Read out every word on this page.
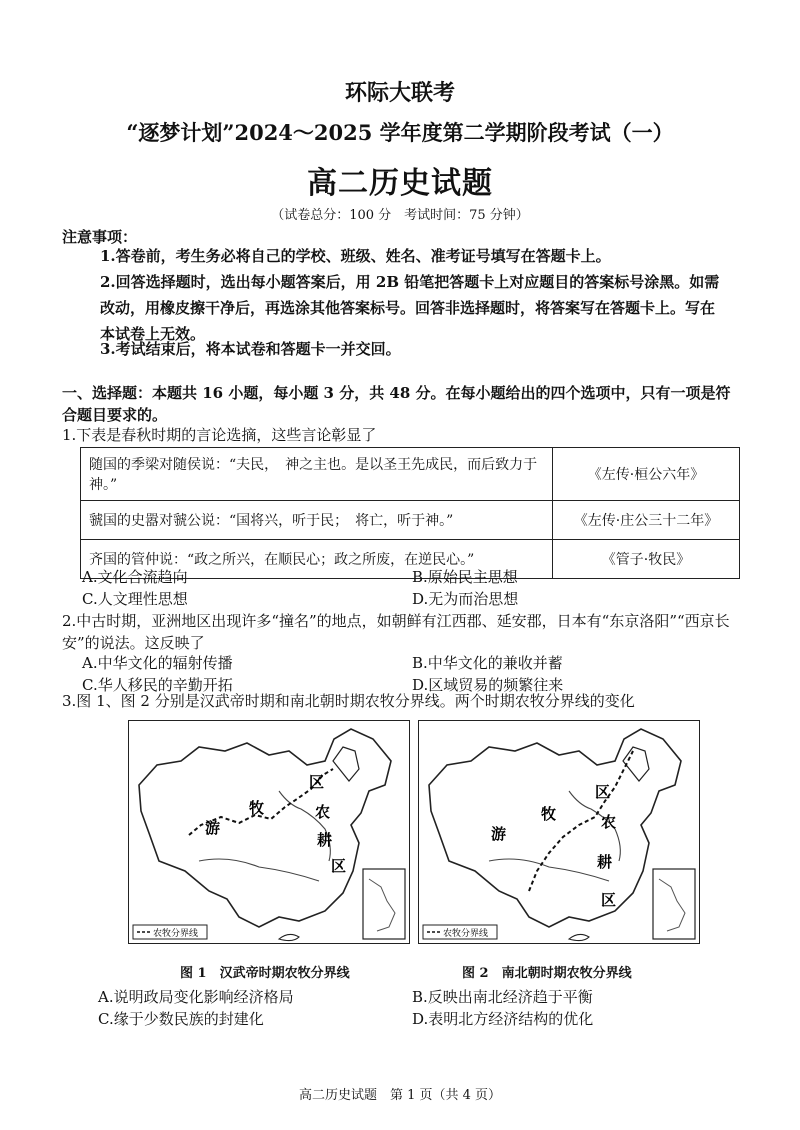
环际大联考
“逐梦计划”2024～2025 学年度第二学期阶段考试（一）
高二历史试题
（试卷总分：100 分　考试时间：75 分钟）
注意事项：
1.答卷前，考生务必将自己的学校、班级、姓名、准考证号填写在答题卡上。
2.回答选择题时，选出每小题答案后，用 2B 铅笔把答题卡上对应题目的答案标号涂黑。如需改动，用橡皮擦干净后，再选涂其他答案标号。回答非选择题时，将答案写在答题卡上。写在本试卷上无效。
3.考试结束后，将本试卷和答题卡一并交回。
一、选择题：本题共 16 小题，每小题 3 分，共 48 分。在每小题给出的四个选项中，只有一项是符合题目要求的。
1.下表是春秋时期的言论选摘，这些言论彰显了
随国的季梁对随侯说：“夫民，　神之主也。是以圣王先成民，而后致力于神。”	《左传·桓公六年》
虢国的史嚣对虢公说：“国将兴，听于民；　将亡，听于神。”	《左传·庄公三十二年》
齐国的管仲说：“政之所兴，在顺民心；政之所废，在逆民心。”	《管子·牧民》
A.文化合流趋向	B.原始民主思想
C.人文理性思想	D.无为而治思想
2.中古时期，亚洲地区出现许多“撞名”的地点，如朝鲜有江西郡、延安郡，日本有“东京洛阳”“西京长安”的说法。这反映了
A.中华文化的辐射传播	B.中华文化的兼收并蓄
C.华人移民的辛勤开拓	D.区域贸易的频繁往来
3.图 1、图 2 分别是汉武帝时期和南北朝时期农牧分界线。两个时期农牧分界线的变化
农牧分界线
游
牧
区
农
耕
区
农牧分界线
游
牧
区
农
耕
区
图 1　汉武帝时期农牧分界线	图 2　南北朝时期农牧分界线
A.说明政局变化影响经济格局	B.反映出南北经济趋于平衡
C.缘于少数民族的封建化	D.表明北方经济结构的优化
高二历史试题　第 1 页（共 4 页）
